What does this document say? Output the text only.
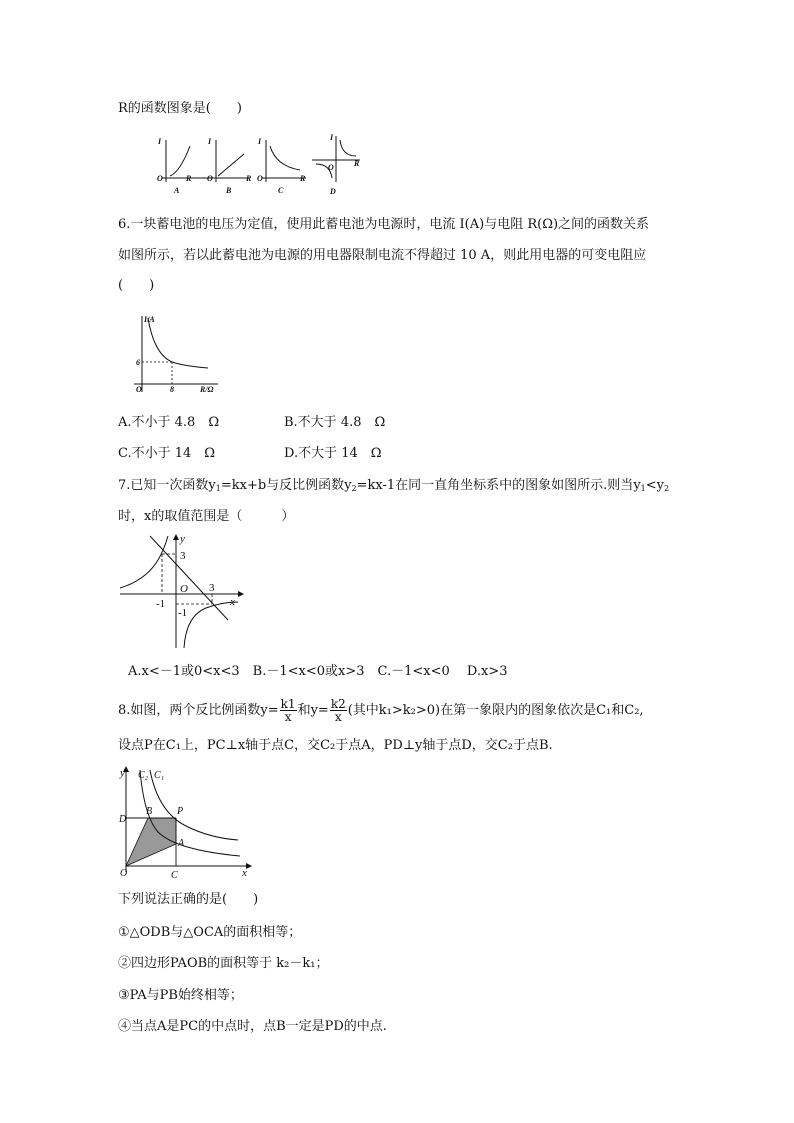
R的函数图象是(　　)
I
O	R
A
I
O	R
B
I
O	R
C
I
O	R
D
6.一块蓄电池的电压为定值，使用此蓄电池为电源时，电流 I(A)与电阻 R(Ω)之间的函数关系
如图所示，若以此蓄电池为电源的用电器限制电流不得超过 10 A，则此用电器的可变电阻应
(　　)
I/A
6
O	8	R/Ω
A.不小于 4.8　Ω	B.不大于 4.8　Ω
C.不小于 14　Ω	D.不大于 14　Ω
7.已知一次函数$y_1=kx+b$与反比例函数$y_2=kx-1$在同一直角坐标系中的图象如图所示.则当$y_1<y_2$
时，x的取值范围是（　　　）
x
y
3
O 3
-1
-1
A.x<－1或0<x<3　B.－1<x<0或x>3　C.－1<x<0　 D.x>3
8.如图，两个反比例函数$y= \frac{k1}{x}$ 和$y= \frac{k2}{x}$ (其中k₁>k₂>0)在第一象限内的图象依次是C₁和C₂,
设点P在C₁上，PC⊥x轴于点C，交C₂于点A，PD⊥y轴于点D，交C₂于点B.
y
x
C₂ C₁
B P
D
A
O	C
下列说法正确的是(　　)
①△ODB与△OCA的面积相等；
②四边形PAOB的面积等于 k₂－k₁；
③PA与PB始终相等；
④当点A是PC的中点时，点B一定是PD的中点.
